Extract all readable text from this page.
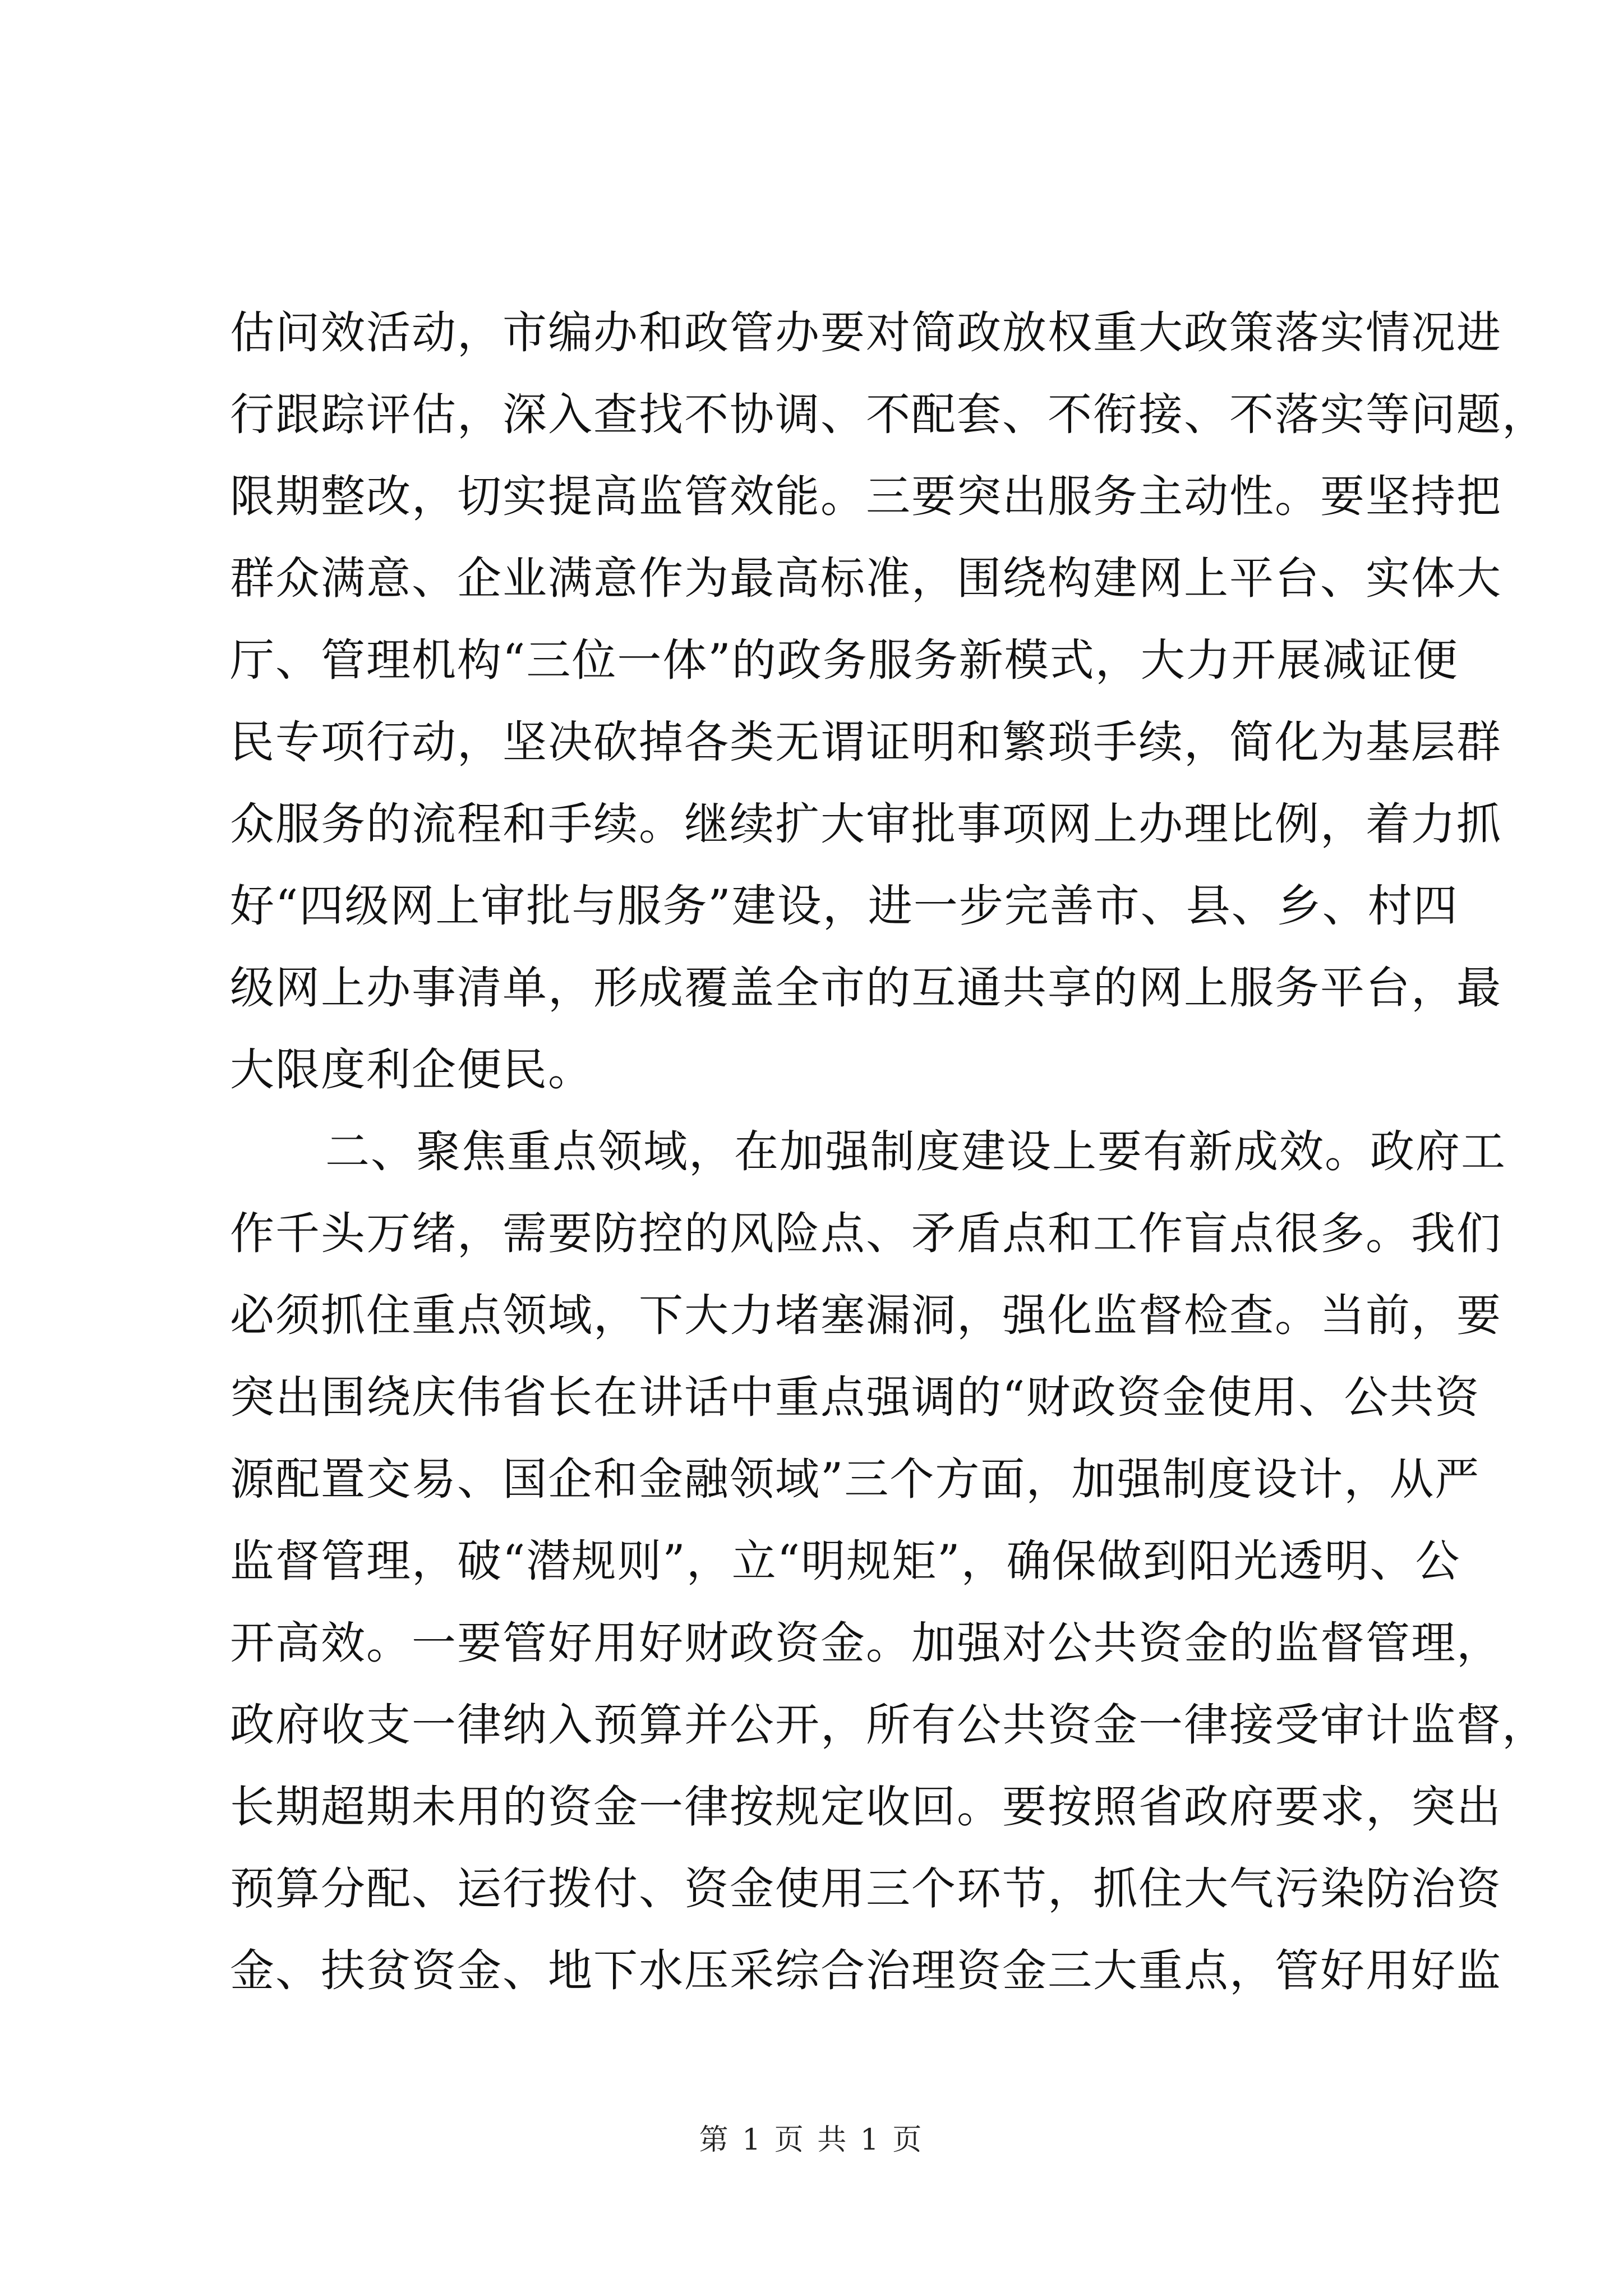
估问效活动，市编办和政管办要对简政放权重大政策落实情况进
行跟踪评估，深入查找不协调、不配套、不衔接、不落实等问题，
限期整改，切实提高监管效能。三要突出服务主动性。要坚持把
群众满意、企业满意作为最高标准，围绕构建网上平台、实体大
厅、管理机构“三位一体”的政务服务新模式，大力开展减证便
民专项行动，坚决砍掉各类无谓证明和繁琐手续，简化为基层群
众服务的流程和手续。继续扩大审批事项网上办理比例，着力抓
好“四级网上审批与服务”建设，进一步完善市、县、乡、村四
级网上办事清单，形成覆盖全市的互通共享的网上服务平台，最
大限度利企便民。
二、聚焦重点领域，在加强制度建设上要有新成效。政府工
作千头万绪，需要防控的风险点、矛盾点和工作盲点很多。我们
必须抓住重点领域，下大力堵塞漏洞，强化监督检查。当前，要
突出围绕庆伟省长在讲话中重点强调的“财政资金使用、公共资
源配置交易、国企和金融领域”三个方面，加强制度设计，从严
监督管理，破“潜规则”，立“明规矩”，确保做到阳光透明、公
开高效。一要管好用好财政资金。加强对公共资金的监督管理，
政府收支一律纳入预算并公开，所有公共资金一律接受审计监督，
长期超期未用的资金一律按规定收回。要按照省政府要求，突出
预算分配、运行拨付、资金使用三个环节，抓住大气污染防治资
金、扶贫资金、地下水压采综合治理资金三大重点，管好用好监
第 1 页 共 1 页
